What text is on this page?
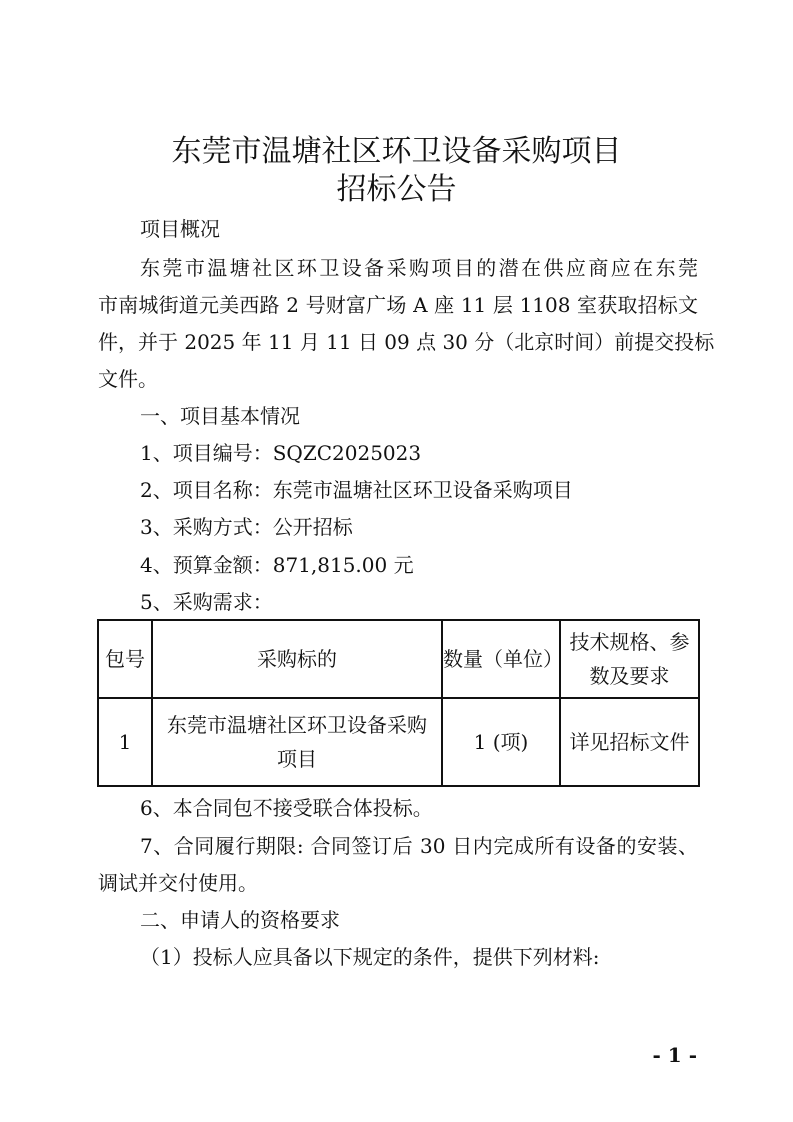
东莞市温塘社区环卫设备采购项目
招标公告
项目概况
东莞市温塘社区环卫设备采购项目的潜在供应商应在东莞
市南城街道元美西路 2 号财富广场 A 座 11 层 1108 室获取招标文
件，并于 2025 年 11 月 11 日 09 点 30 分（北京时间）前提交投标
文件。
一、项目基本情况
1、项目编号：SQZC2025023
2、项目名称：东莞市温塘社区环卫设备采购项目
3、采购方式：公开招标
4、预算金额：871,815.00 元
5、采购需求：
包号	采购标的	数量（单位）	技术规格、参
数及要求

1	东莞市温塘社区环卫设备采购
项目	1 (项)	详见招标文件
6、本合同包不接受联合体投标。
7、合同履行期限: 合同签订后 30 日内完成所有设备的安装、
调试并交付使用。
二、申请人的资格要求
（1）投标人应具备以下规定的条件，提供下列材料:
- 1 -
